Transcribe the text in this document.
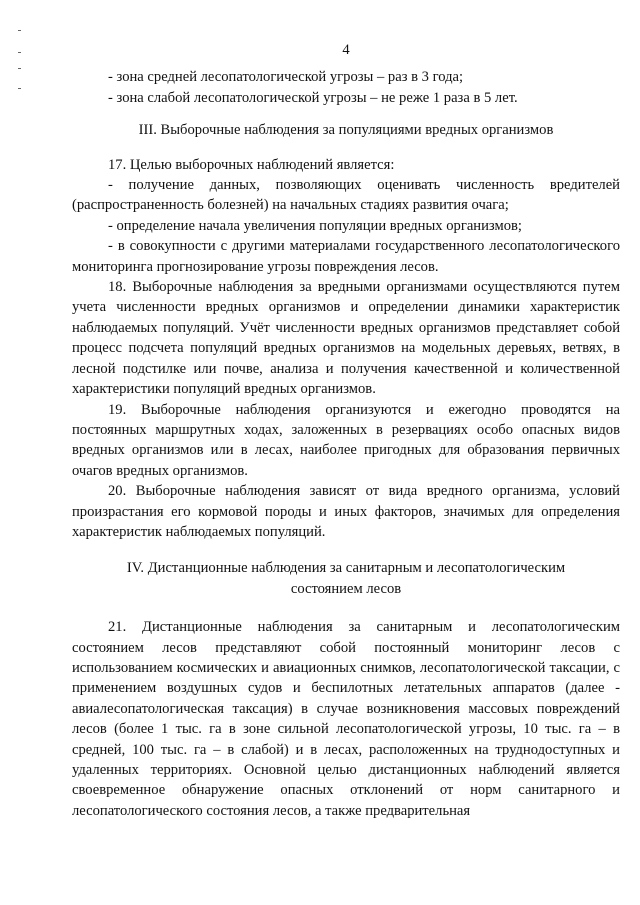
4

- зона средней лесопатологической угрозы – раз в 3 года;

- зона слабой лесопатологической угрозы – не реже 1 раза в 5 лет.

III. Выборочные наблюдения за популяциями вредных организмов

17. Целью выборочных наблюдений является:

- получение данных, позволяющих оценивать численность вредителей (распространенность болезней) на начальных стадиях развития очага;

- определение начала увеличения популяции вредных организмов;

- в совокупности с другими материалами государственного лесопатологического мониторинга прогнозирование угрозы повреждения лесов.

18. Выборочные наблюдения за вредными организмами осуществляются путем учета численности вредных организмов и определении динамики характеристик наблюдаемых популяций. Учёт численности вредных организмов представляет собой процесс подсчета популяций вредных организмов на модельных деревьях, ветвях, в лесной подстилке или почве, анализа и получения качественной и количественной характеристики популяций вредных организмов.

19. Выборочные наблюдения организуются и ежегодно проводятся на постоянных маршрутных ходах, заложенных в резервациях особо опасных видов вредных организмов или в лесах, наиболее пригодных для образования первичных очагов вредных организмов.

20. Выборочные наблюдения зависят от вида вредного организма, условий произрастания его кормовой породы и иных факторов, значимых для определения характеристик наблюдаемых популяций.

IV. Дистанционные наблюдения за санитарным и лесопатологическим состоянием лесов

21. Дистанционные наблюдения за санитарным и лесопатологическим состоянием лесов представляют собой постоянный мониторинг лесов с использованием космических и авиационных снимков, лесопатологической таксации, с применением воздушных судов и беспилотных летательных аппаратов (далее - авиалесопатологическая таксация) в случае возникновения массовых повреждений лесов (более 1 тыс. га в зоне сильной лесопатологической угрозы, 10 тыс. га – в средней, 100 тыс. га – в слабой) и в лесах, расположенных на труднодоступных и удаленных территориях. Основной целью дистанционных наблюдений является своевременное обнаружение опасных отклонений от норм санитарного и лесопатологического состояния лесов, а также предварительная
